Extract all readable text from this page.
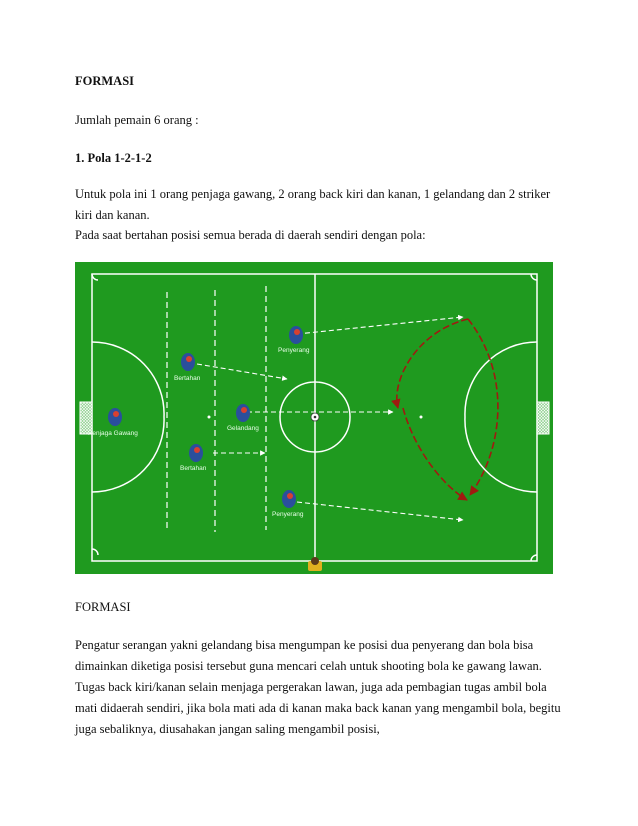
FORMASI
Jumlah pemain 6 orang :
1. Pola 1-2-1-2
Untuk pola ini 1 orang penjaga gawang, 2 orang back kiri dan kanan, 1 gelandang dan 2 striker
kiri dan kanan.
Pada saat bertahan posisi semua berada di daerah sendiri dengan pola:
Penyerang
Bertahan
Gelandang
Penjaga Gawang
Bertahan
Penyerang
FORMASI
Pengatur serangan yakni gelandang bisa mengumpan ke posisi dua penyerang dan bola bisa
dimainkan diketiga posisi tersebut guna mencari celah untuk shooting bola ke gawang lawan.
Tugas back kiri/kanan selain menjaga pergerakan lawan, juga ada pembagian tugas ambil bola
mati didaerah sendiri, jika bola mati ada di kanan maka back kanan yang mengambil bola, begitu
juga sebaliknya, diusahakan jangan saling mengambil posisi,
